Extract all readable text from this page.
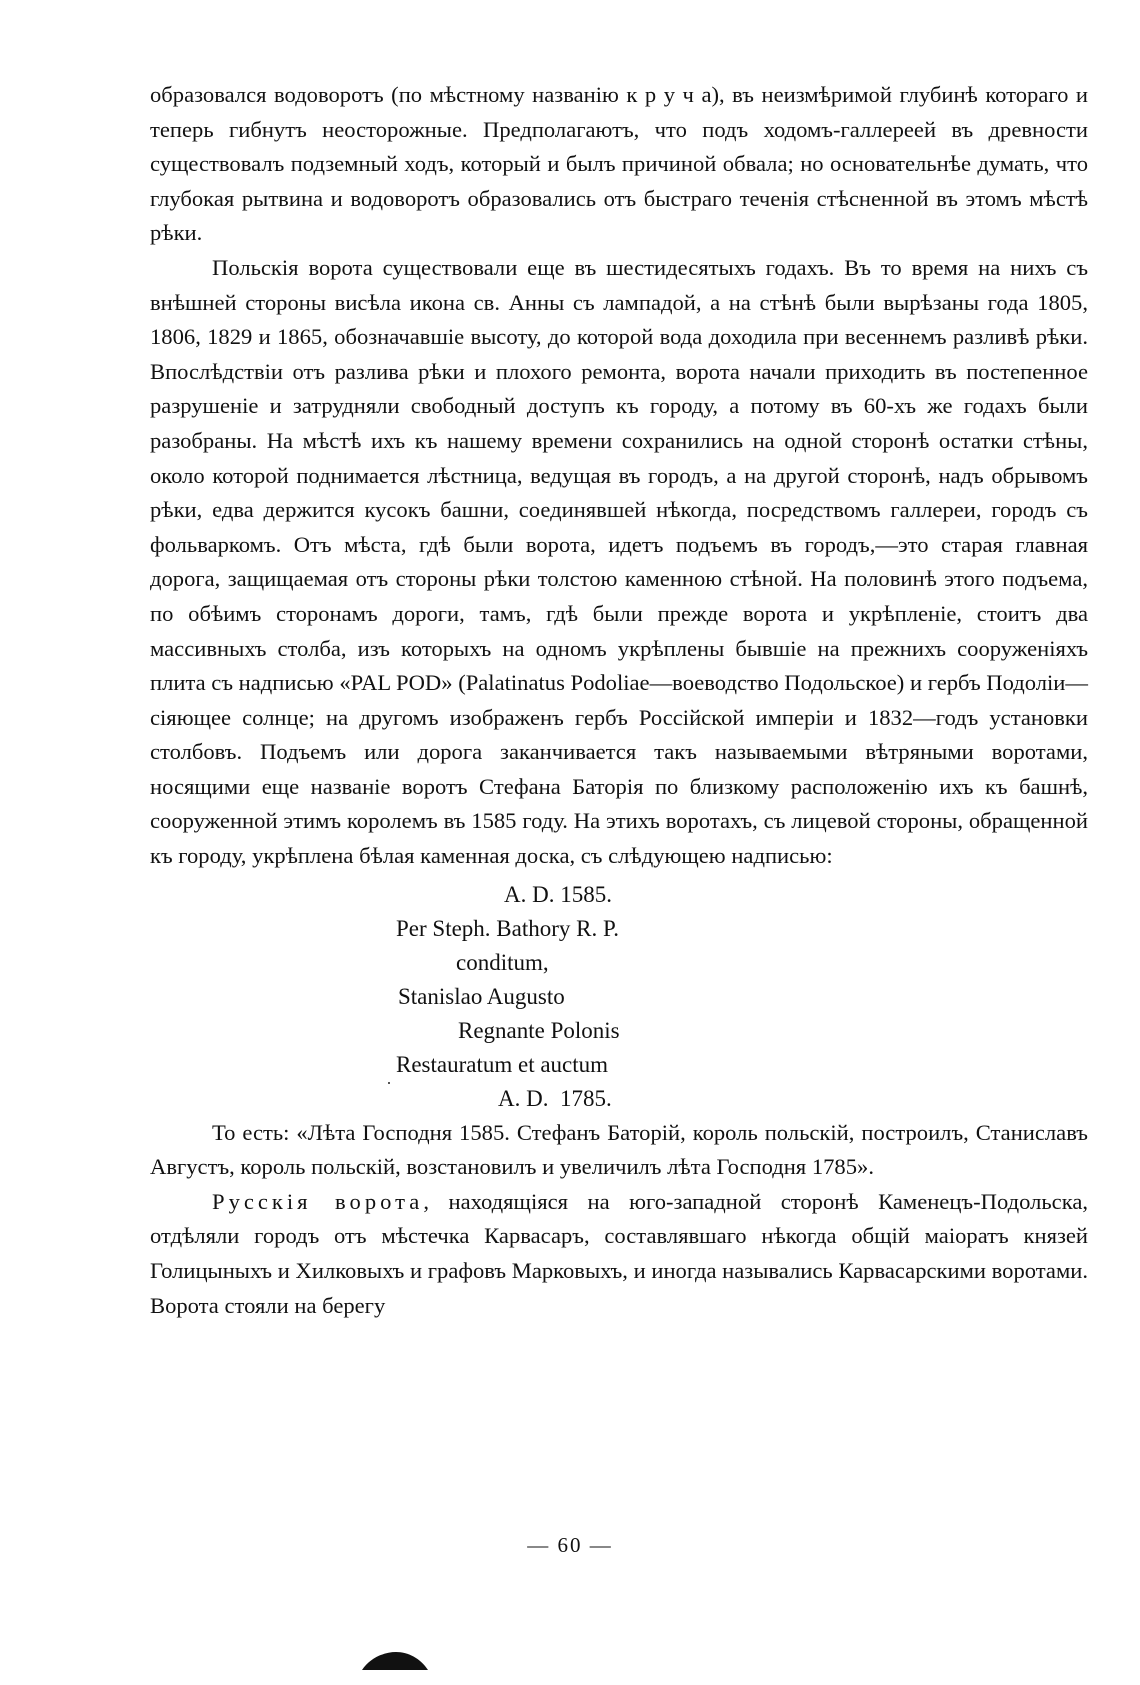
образовался водоворотъ (по мѣстному названію к р у ч а), въ неизмѣримой глубинѣ котораго и теперь гибнутъ неосторожные. Предполагаютъ, что подъ ходомъ-галлереей въ древности существовалъ подземный ходъ, который и былъ причиной обвала; но основательнѣе думать, что глубокая рытвина и водоворотъ образовались отъ быстраго теченія стѣсненной въ этомъ мѣстѣ рѣки.

Польскія ворота существовали еще въ шестидесятыхъ годахъ. Въ то время на нихъ съ внѣшней стороны висѣла икона св. Анны съ лампадой, а на стѣнѣ были вырѣзаны года 1805, 1806, 1829 и 1865, обозначавшіе высоту, до которой вода доходила при весеннемъ разливѣ рѣки. Впослѣдствіи отъ разлива рѣки и плохого ремонта, ворота начали приходить въ постепенное разрушеніе и затрудняли свободный доступъ къ городу, а потому въ 60-хъ же годахъ были разобраны. На мѣстѣ ихъ къ нашему времени сохранились на одной сторонѣ остатки стѣны, около которой поднимается лѣстница, ведущая въ городъ, а на другой сторонѣ, надъ обрывомъ рѣки, едва держится кусокъ башни, соединявшей нѣкогда, посредствомъ галлереи, городъ съ фольваркомъ. Отъ мѣста, гдѣ были ворота, идетъ подъемъ въ городъ,—это старая главная дорога, защищаемая отъ стороны рѣки толстою каменною стѣной. На половинѣ этого подъема, по обѣимъ сторонамъ дороги, тамъ, гдѣ были прежде ворота и укрѣпленіе, стоитъ два массивныхъ столба, изъ которыхъ на одномъ укрѣплены бывшіе на прежнихъ сооруженіяхъ плита съ надписью «PAL POD» (Palatinatus Podoliae—воеводство Подольское) и гербъ Подоліи—сіяющее солнце; на другомъ изображенъ гербъ Россійской имперіи и 1832—годъ установки столбовъ. Подъемъ или дорога заканчивается такъ называемыми вѣтряными воротами, носящими еще названіе воротъ Стефана Баторія по близкому расположенію ихъ къ башнѣ, сооруженной этимъ королемъ въ 1585 году. На этихъ воротахъ, съ лицевой стороны, обращенной къ городу, укрѣплена бѣлая каменная доска, съ слѣдующею надписью:

A. D. 1585.
Per Steph. Bathory R. P.
conditum,
Stanislao Augusto
Regnante Polonis
Restauratum et auctum
A. D.  1785.

То есть: «Лѣта Господня 1585. Стефанъ Баторій, король польскій, построилъ, Станиславъ Августъ, король польскій, возстановилъ и увеличилъ лѣта Господня 1785».

Русскія ворота, находящіяся на юго-западной сторонѣ Каменецъ-Подольска, отдѣляли городъ отъ мѣстечка Карвасаръ, составлявшаго нѣкогда общій маіоратъ князей Голицыныхъ и Хилковыхъ и графовъ Марковыхъ, и иногда назывались Карвасарскими воротами. Ворота стояли на берегу

— 60 —
